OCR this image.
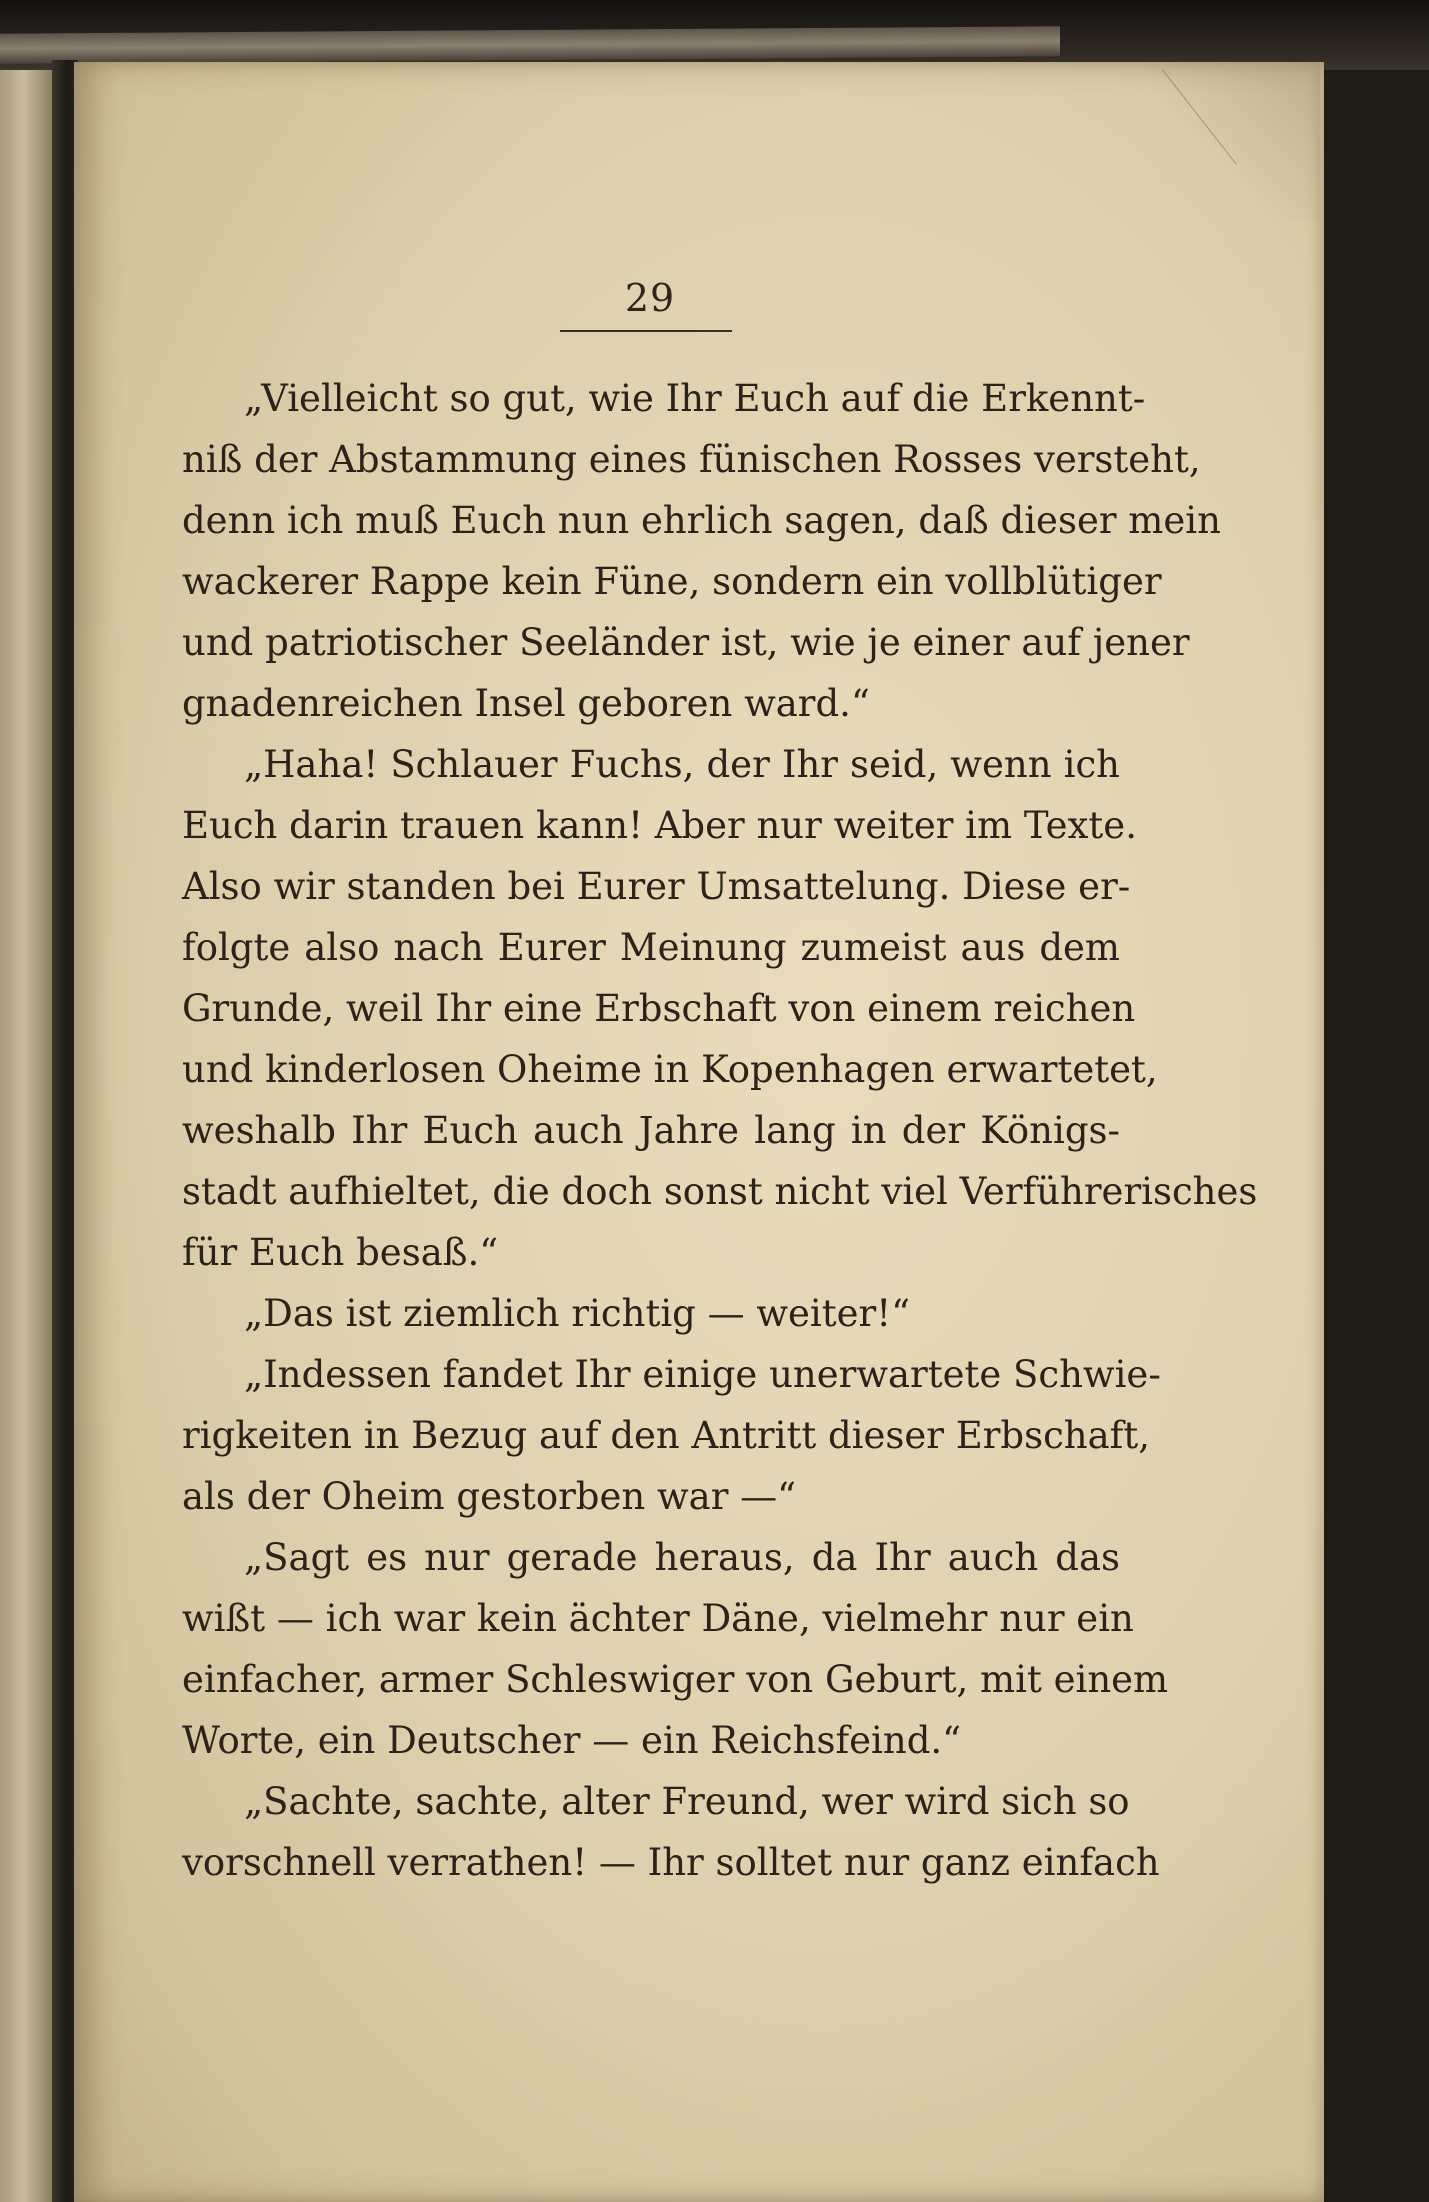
29
„Vielleicht so gut, wie Ihr Euch auf die Erkennt-
niß der Abstammung eines fünischen Rosses versteht,
denn ich muß Euch nun ehrlich sagen, daß dieser mein
wackerer Rappe kein Füne, sondern ein vollblütiger
und patriotischer Seeländer ist, wie je einer auf jener
gnadenreichen Insel geboren ward.“
„Haha! Schlauer Fuchs, der Ihr seid, wenn ich
Euch darin trauen kann! Aber nur weiter im Texte.
Also wir standen bei Eurer Umsattelung. Diese er-
folgte also nach Eurer Meinung zumeist aus dem
Grunde, weil Ihr eine Erbschaft von einem reichen
und kinderlosen Oheime in Kopenhagen erwartetet,
weshalb Ihr Euch auch Jahre lang in der Königs-
stadt aufhieltet, die doch sonst nicht viel Verführerisches
für Euch besaß.“
„Das ist ziemlich richtig — weiter!“
„Indessen fandet Ihr einige unerwartete Schwie-
rigkeiten in Bezug auf den Antritt dieser Erbschaft,
als der Oheim gestorben war —“
„Sagt es nur gerade heraus, da Ihr auch das
wißt — ich war kein ächter Däne, vielmehr nur ein
einfacher, armer Schleswiger von Geburt, mit einem
Worte, ein Deutscher — ein Reichsfeind.“
„Sachte, sachte, alter Freund, wer wird sich so
vorschnell verrathen! — Ihr solltet nur ganz einfach
